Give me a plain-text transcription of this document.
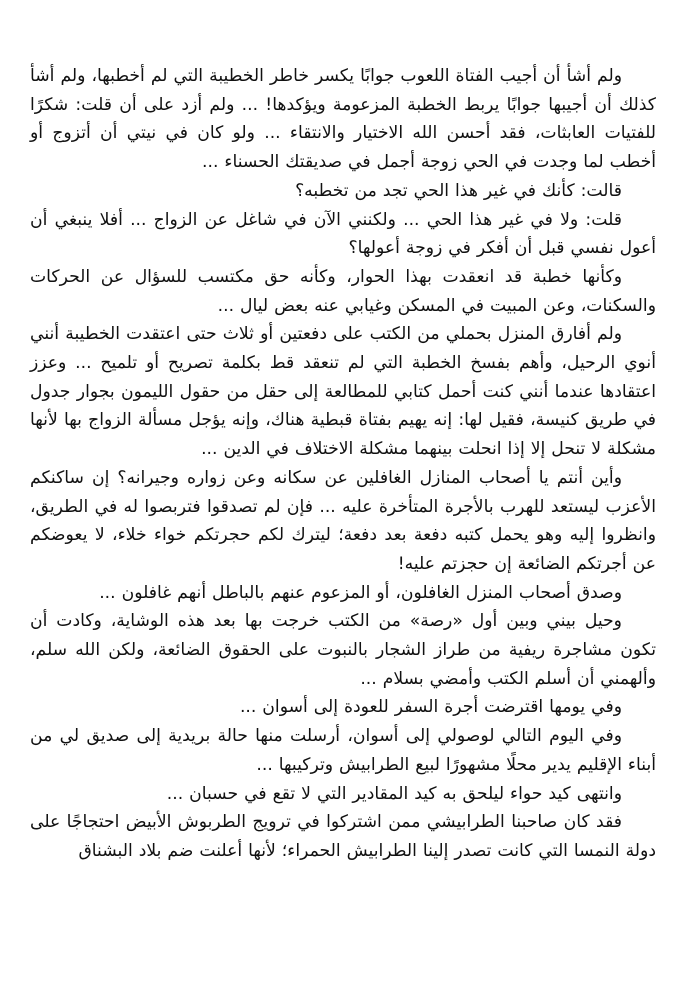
ولم أشأ أن أجيب الفتاة اللعوب جوابًا يكسر خاطر الخطيبة التي لم أخطبها، ولم أشأ كذلك أن أجيبها جوابًا يربط الخطبة المزعومة ويؤكدها! ... ولم أزد على أن قلت: شكرًا للفتيات العابثات، فقد أحسن الله الاختيار والانتقاء ... ولو كان في نيتي أن أتزوج أو أخطب لما وجدت في الحي زوجة أجمل في صديقتك الحسناء ...

قالت: كأنك في غير هذا الحي تجد من تخطبه؟

قلت: ولا في غير هذا الحي ... ولكنني الآن في شاغل عن الزواج ... أفلا ينبغي أن أعول نفسي قبل أن أفكر في زوجة أعولها؟

وكأنها خطبة قد انعقدت بهذا الحوار، وكأنه حق مكتسب للسؤال عن الحركات والسكنات، وعن المبيت في المسكن وغيابي عنه بعض ليال ...

ولم أفارق المنزل بحملي من الكتب على دفعتين أو ثلاث حتى اعتقدت الخطيبة أنني أنوي الرحيل، وأهم بفسخ الخطبة التي لم تنعقد قط بكلمة تصريح أو تلميح ... وعزز اعتقادها عندما أنني كنت أحمل كتابي للمطالعة إلى حقل من حقول الليمون بجوار جدول في طريق كنيسة، فقيل لها: إنه يهيم بفتاة قبطية هناك، وإنه يؤجل مسألة الزواج بها لأنها مشكلة لا تنحل إلا إذا انحلت بينهما مشكلة الاختلاف في الدين ...

وأين أنتم يا أصحاب المنازل الغافلين عن سكانه وعن زواره وجيرانه؟ إن ساكنكم الأعزب ليستعد للهرب بالأجرة المتأخرة عليه ... فإن لم تصدقوا فتربصوا له في الطريق، وانظروا إليه وهو يحمل كتبه دفعة بعد دفعة؛ ليترك لكم حجرتكم خواء خلاء، لا يعوضكم عن أجرتكم الضائعة إن حجزتم عليه!

وصدق أصحاب المنزل الغافلون، أو المزعوم عنهم بالباطل أنهم غافلون ...

وحيل بيني وبين أول «رصة» من الكتب خرجت بها بعد هذه الوشاية، وكادت أن تكون مشاجرة ريفية من طراز الشجار بالنبوت على الحقوق الضائعة، ولكن الله سلم، وألهمني أن أسلم الكتب وأمضي بسلام ...

وفي يومها اقترضت أجرة السفر للعودة إلى أسوان ...

وفي اليوم التالي لوصولي إلى أسوان، أرسلت منها حالة بريدية إلى صديق لي من أبناء الإقليم يدير محلًا مشهورًا لبيع الطرابيش وتركيبها ...

وانتهى كيد حواء ليلحق به كيد المقادير التي لا تقع في حسبان ...

فقد كان صاحبنا الطرابيشي ممن اشتركوا في ترويج الطربوش الأبيض احتجاجًا على دولة النمسا التي كانت تصدر إلينا الطرابيش الحمراء؛ لأنها أعلنت ضم بلاد البشناق
